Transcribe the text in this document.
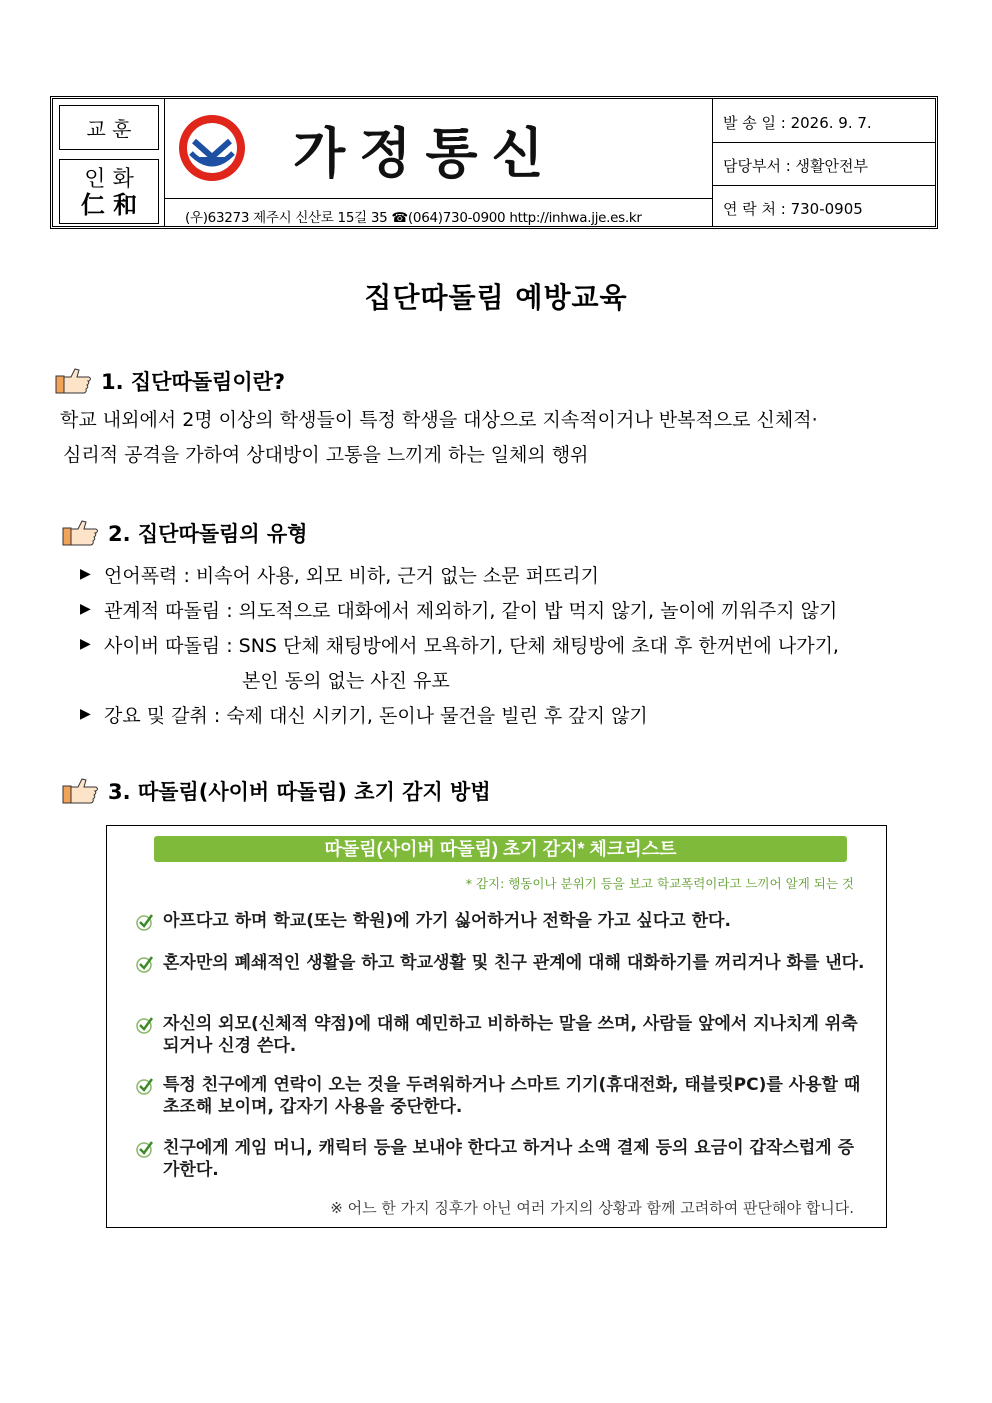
교 훈
인 화
仁 和
가정통신
(우)63273 제주시 신산로 15길 35 ☎(064)730-0900 http://inhwa.jje.es.kr
발 송 일 : 2026. 9. 7.
담당부서 : 생활안전부
연 락 처 : 730-0905
집단따돌림 예방교육
1. 집단따돌림이란?
학교 내외에서 2명 이상의 학생들이 특정 학생을 대상으로 지속적이거나 반복적으로 신체적·
심리적 공격을 가하여 상대방이 고통을 느끼게 하는 일체의 행위
2. 집단따돌림의 유형
▶ 언어폭력 : 비속어 사용, 외모 비하, 근거 없는 소문 퍼뜨리기
▶ 관계적 따돌림 : 의도적으로 대화에서 제외하기, 같이 밥 먹지 않기, 놀이에 끼워주지 않기
▶ 사이버 따돌림 : SNS 단체 채팅방에서 모욕하기, 단체 채팅방에 초대 후 한꺼번에 나가기,
본인 동의 없는 사진 유포
▶ 강요 및 갈취 : 숙제 대신 시키기, 돈이나 물건을 빌린 후 갚지 않기
3. 따돌림(사이버 따돌림) 초기 감지 방법
따돌림(사이버 따돌림) 초기 감지* 체크리스트
* 감지: 행동이나 분위기 등을 보고 학교폭력이라고 느끼어 알게 되는 것
아프다고 하며 학교(또는 학원)에 가기 싫어하거나 전학을 가고 싶다고 한다.
혼자만의 폐쇄적인 생활을 하고 학교생활 및 친구 관계에 대해 대화하기를 꺼리거나 화를 낸다.
자신의 외모(신체적 약점)에 대해 예민하고 비하하는 말을 쓰며, 사람들 앞에서 지나치게 위축되거나 신경 쓴다.
특정 친구에게 연락이 오는 것을 두려워하거나 스마트 기기(휴대전화, 태블릿PC)를 사용할 때 초조해 보이며, 갑자기 사용을 중단한다.
친구에게 게임 머니, 캐릭터 등을 보내야 한다고 하거나 소액 결제 등의 요금이 갑작스럽게 증가한다.
※ 어느 한 가지 징후가 아닌 여러 가지의 상황과 함께 고려하여 판단해야 합니다.
